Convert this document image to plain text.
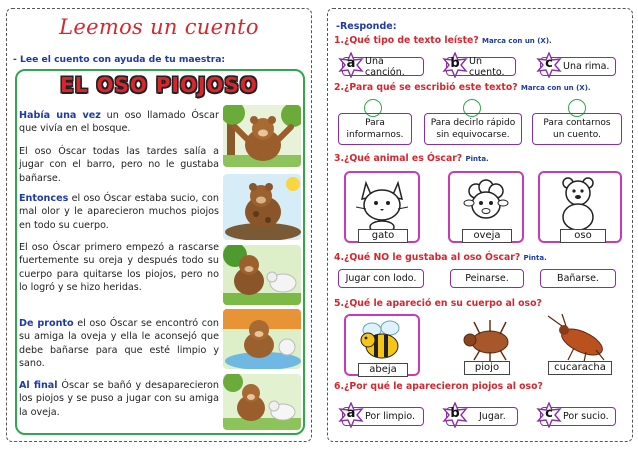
Leemos un cuento
- Lee el cuento con ayuda de tu maestra:
EL OSO PIOJOSO
Había una vez un oso llamado Óscar que vivía en el bosque.
El oso Óscar todas las tardes salía a jugar con el barro, pero no le gustaba bañarse.
Entonces el oso Óscar estaba sucio, con mal olor y le aparecieron muchos piojos en todo su cuerpo.
El oso Óscar primero empezó a rascarse fuertemente su oreja y después todo su cuerpo para quitarse los piojos, pero no lo logró y se hizo heridas.
De pronto el oso Óscar se encontró con su amiga la oveja y ella le aconsejó que debe bañarse para que esté limpio y sano.
Al final Óscar se bañó y desaparecieron los piojos y se puso a jugar con su amiga la oveja.
-Responde:
1.¿Qué tipo de texto leíste? Marca con un (X).
a	Una canción.
b Un cuento.
c	Una rima.
2.¿Para qué se escribió este texto? Marca con un (X).
Para
informarnos.
Para decirlo rápido
sin equivocarse.
Para contarnos
un cuento.
3.¿Qué animal es Óscar? Pinta.
gato	oveja	oso
4.¿Qué NO le gustaba al oso Óscar? Pinta.
Jugar con lodo.	Peinarse.	Bañarse.
5.¿Qué le apareció en su cuerpo al oso?
abeja	piojo	cucaracha
6.¿Por qué le aparecieron piojos al oso?
a	Por limpio.	b	Jugar.	c	Por sucio.
